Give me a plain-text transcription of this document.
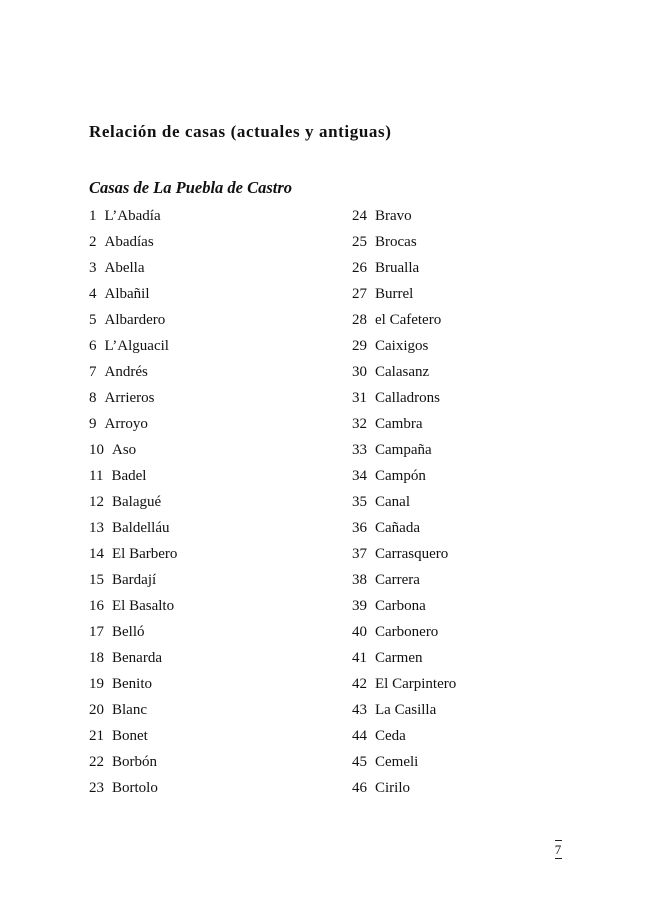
Relación de casas (actuales y antiguas)
Casas de La Puebla de Castro
1 L’Abadía
2 Abadías
3 Abella
4 Albañil
5 Albardero
6 L’Alguacil
7 Andrés
8 Arrieros
9 Arroyo
10 Aso
11 Badel
12 Balagué
13 Baldelláu
14 El Barbero
15 Bardají
16 El Basalto
17 Belló
18 Benarda
19 Benito
20 Blanc
21 Bonet
22 Borbón
23 Bortolo
24 Bravo
25 Brocas
26 Brualla
27 Burrel
28 el Cafetero
29 Caixigos
30 Calasanz
31 Calladrons
32 Cambra
33 Campaña
34 Campón
35 Canal
36 Cañada
37 Carrasquero
38 Carrera
39 Carbona
40 Carbonero
41 Carmen
42 El Carpintero
43 La Casilla
44 Ceda
45 Cemeli
46 Cirilo
7
